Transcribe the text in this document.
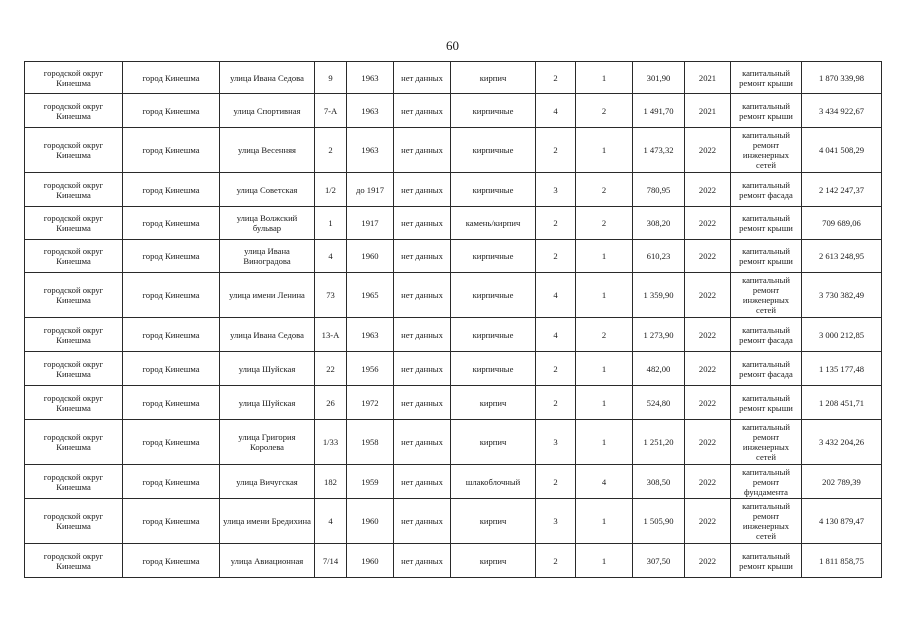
60
городской округ Кинешма	город Кинешма	улица Ивана Седова	9	1963	нет данных	кирпич	2	1	301,90	2021	капитальный ремонт крыши	1 870 339,98
городской округ Кинешма	город Кинешма	улица Спортивная	7-А	1963	нет данных	кирпичные	4	2	1 491,70	2021	капитальный ремонт крыши	3 434 922,67
городской округ Кинешма	город Кинешма	улица Весенняя	2	1963	нет данных	кирпичные	2	1	1 473,32	2022	капитальный ремонт инженерных сетей	4 041 508,29
городской округ Кинешма	город Кинешма	улица Советская	1/2	до 1917	нет данных	кирпичные	3	2	780,95	2022	капитальный ремонт фасада	2 142 247,37
городской округ Кинешма	город Кинешма	улица Волжский бульвар	1	1917	нет данных	камень/кирпич	2	2	308,20	2022	капитальный ремонт крыши	709 689,06
городской округ Кинешма	город Кинешма	улица Ивана Виноградова	4	1960	нет данных	кирпичные	2	1	610,23	2022	капитальный ремонт крыши	2 613 248,95
городской округ Кинешма	город Кинешма	улица имени Ленина	73	1965	нет данных	кирпичные	4	1	1 359,90	2022	капитальный ремонт инженерных сетей	3 730 382,49
городской округ Кинешма	город Кинешма	улица Ивана Седова	13-А	1963	нет данных	кирпичные	4	2	1 273,90	2022	капитальный ремонт фасада	3 000 212,85
городской округ Кинешма	город Кинешма	улица Шуйская	22	1956	нет данных	кирпичные	2	1	482,00	2022	капитальный ремонт фасада	1 135 177,48
городской округ Кинешма	город Кинешма	улица Шуйская	26	1972	нет данных	кирпич	2	1	524,80	2022	капитальный ремонт крыши	1 208 451,71
городской округ Кинешма	город Кинешма	улица Григория Королева	1/33	1958	нет данных	кирпич	3	1	1 251,20	2022	капитальный ремонт инженерных сетей	3 432 204,26
городской округ Кинешма	город Кинешма	улица Вичугская	182	1959	нет данных	шлакоблочный	2	4	308,50	2022	капитальный ремонт фундамента	202 789,39
городской округ Кинешма	город Кинешма	улица имени Бредихина	4	1960	нет данных	кирпич	3	1	1 505,90	2022	капитальный ремонт инженерных сетей	4 130 879,47
городской округ Кинешма	город Кинешма	улица Авиационная	7/14	1960	нет данных	кирпич	2	1	307,50	2022	капитальный ремонт крыши	1 811 858,75
